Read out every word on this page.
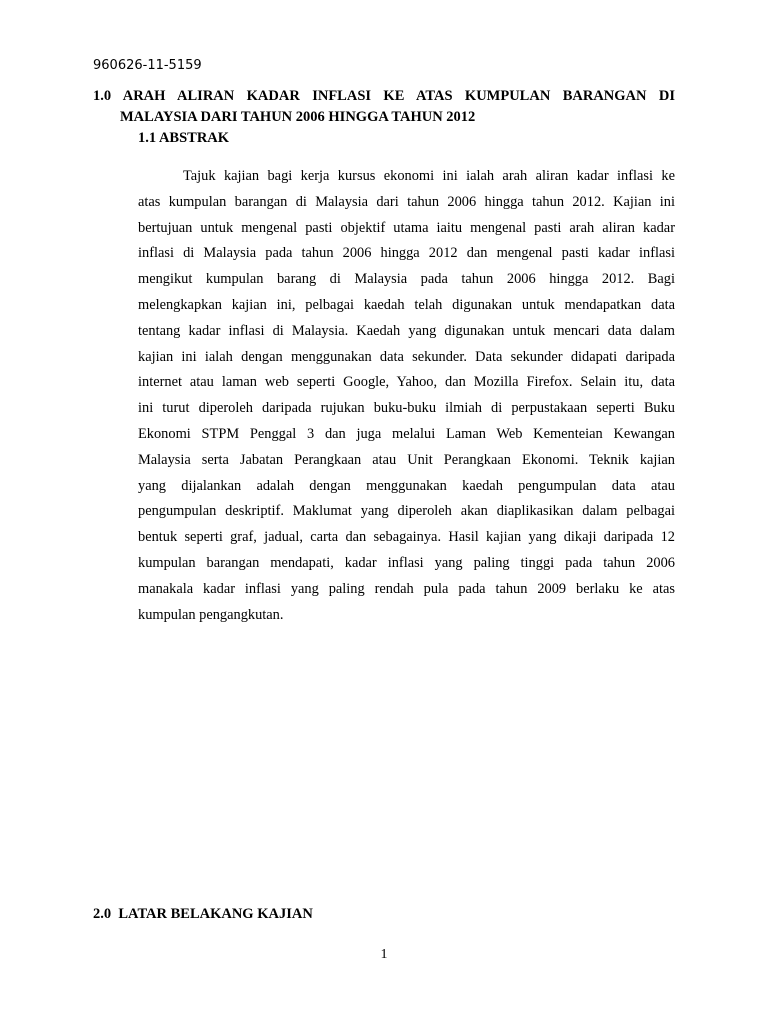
960626-11-5159
1.0 ARAH ALIRAN KADAR INFLASI KE ATAS KUMPULAN BARANGAN DI
MALAYSIA DARI TAHUN 2006 HINGGA TAHUN 2012
1.1 ABSTRAK
Tajuk kajian bagi kerja kursus ekonomi ini ialah arah aliran kadar inflasi ke
atas kumpulan barangan di Malaysia dari tahun 2006 hingga tahun 2012. Kajian ini
bertujuan untuk mengenal pasti objektif utama iaitu mengenal pasti arah aliran kadar
inflasi di Malaysia pada tahun 2006 hingga 2012 dan mengenal pasti kadar inflasi
mengikut kumpulan barang di Malaysia pada tahun 2006 hingga 2012. Bagi
melengkapkan kajian ini, pelbagai kaedah telah digunakan untuk mendapatkan data
tentang kadar inflasi di Malaysia. Kaedah yang digunakan untuk mencari data dalam
kajian ini ialah dengan menggunakan data sekunder. Data sekunder didapati daripada
internet atau laman web seperti Google, Yahoo, dan Mozilla Firefox. Selain itu, data
ini turut diperoleh daripada rujukan buku-buku ilmiah di perpustakaan seperti Buku
Ekonomi STPM Penggal 3 dan juga melalui Laman Web Kementeian Kewangan
Malaysia serta Jabatan Perangkaan atau Unit Perangkaan Ekonomi. Teknik kajian
yang dijalankan adalah dengan menggunakan kaedah pengumpulan data atau
pengumpulan deskriptif. Maklumat yang diperoleh akan diaplikasikan dalam pelbagai
bentuk seperti graf, jadual, carta dan sebagainya. Hasil kajian yang dikaji daripada 12
kumpulan barangan mendapati, kadar inflasi yang paling tinggi pada tahun 2006
manakala kadar inflasi yang paling rendah pula pada tahun 2009 berlaku ke atas
kumpulan pengangkutan.
2.0 LATAR BELAKANG KAJIAN
1
